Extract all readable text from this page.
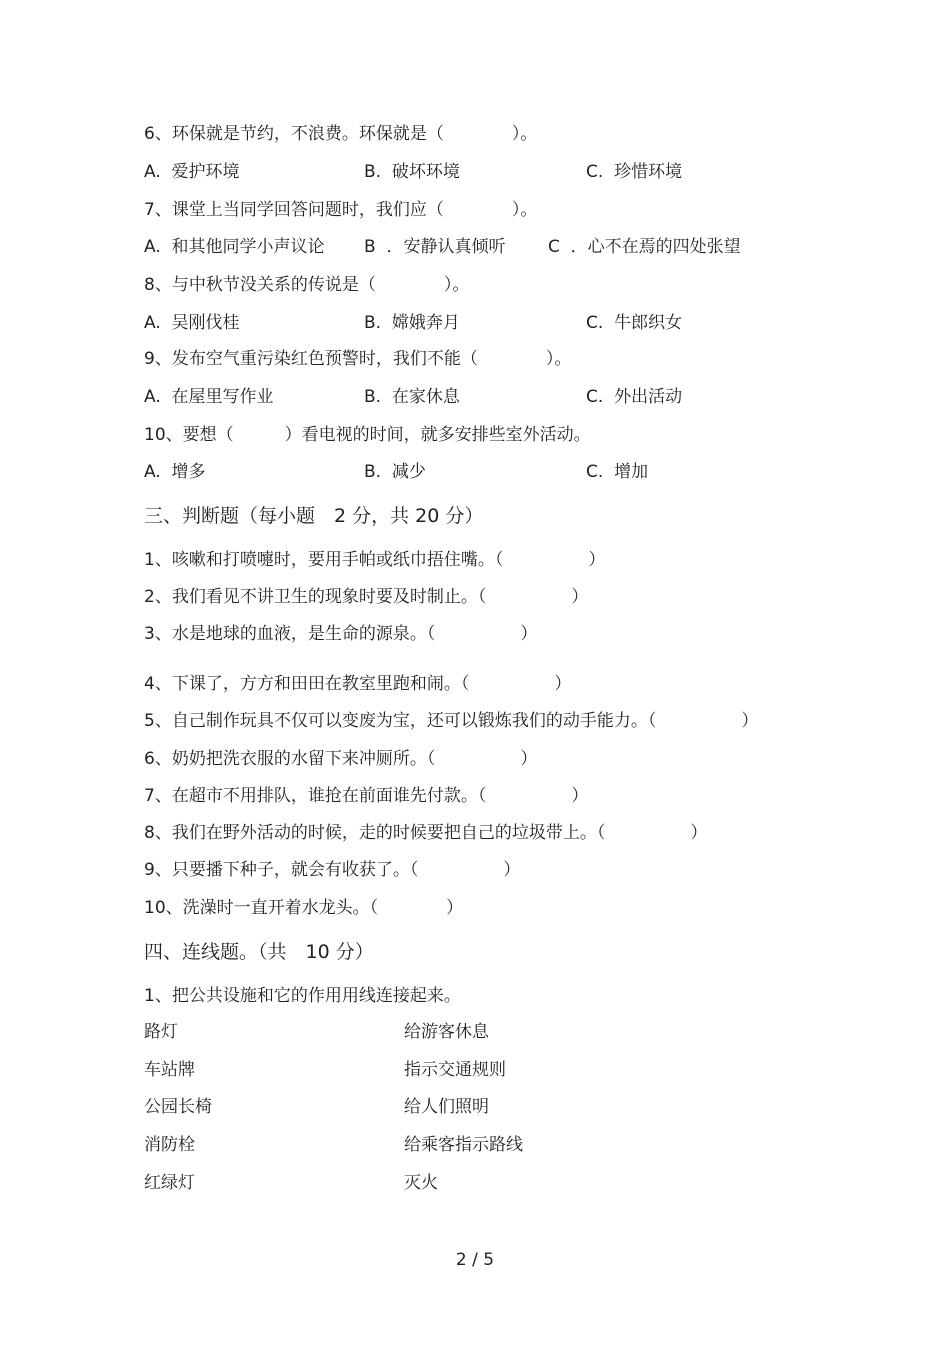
6、环保就是节约，不浪费。环保就是（　　　　）。
A.  爱护环境	B.  破坏环境	C.  珍惜环境
7、课堂上当同学回答问题时，我们应（　　　　）。
A.  和其他同学小声议论 B  ．安静认真倾听	C  ．心不在焉的四处张望
8、与中秋节没关系的传说是（　　　　）。
A.  吴刚伐桂	B.  嫦娥奔月	C.  牛郎织女
9、发布空气重污染红色预警时，我们不能（　　　　）。
A.  在屋里写作业	B.  在家休息	C.  外出活动
10、要想（　　　）看电视的时间，就多安排些室外活动。
A.  增多	B.  减少	C.  增加
三、判断题（每小题　2 分，共 20 分）
1、咳嗽和打喷嚏时，要用手帕或纸巾捂住嘴。（　　　　　）
2、我们看见不讲卫生的现象时要及时制止。（　　　　　）
3、水是地球的血液，是生命的源泉。（　　　　　）
4、下课了，方方和田田在教室里跑和闹。（　　　　　）
5、自己制作玩具不仅可以变废为宝，还可以锻炼我们的动手能力。（　　　　　）
6、奶奶把洗衣服的水留下来冲厕所。（　　　　　）
7、在超市不用排队，谁抢在前面谁先付款。（　　　　　）
8、我们在野外活动的时候，走的时候要把自己的垃圾带上。（　　　　　）
9、只要播下种子，就会有收获了。（　　　　　）
10、洗澡时一直开着水龙头。（　　　　）
四、连线题。（共　10 分）
1、把公共设施和它的作用用线连接起来。
路灯	给游客休息
车站牌	指示交通规则
公园长椅	给人们照明
消防栓	给乘客指示路线
红绿灯	灭火
2 / 5
